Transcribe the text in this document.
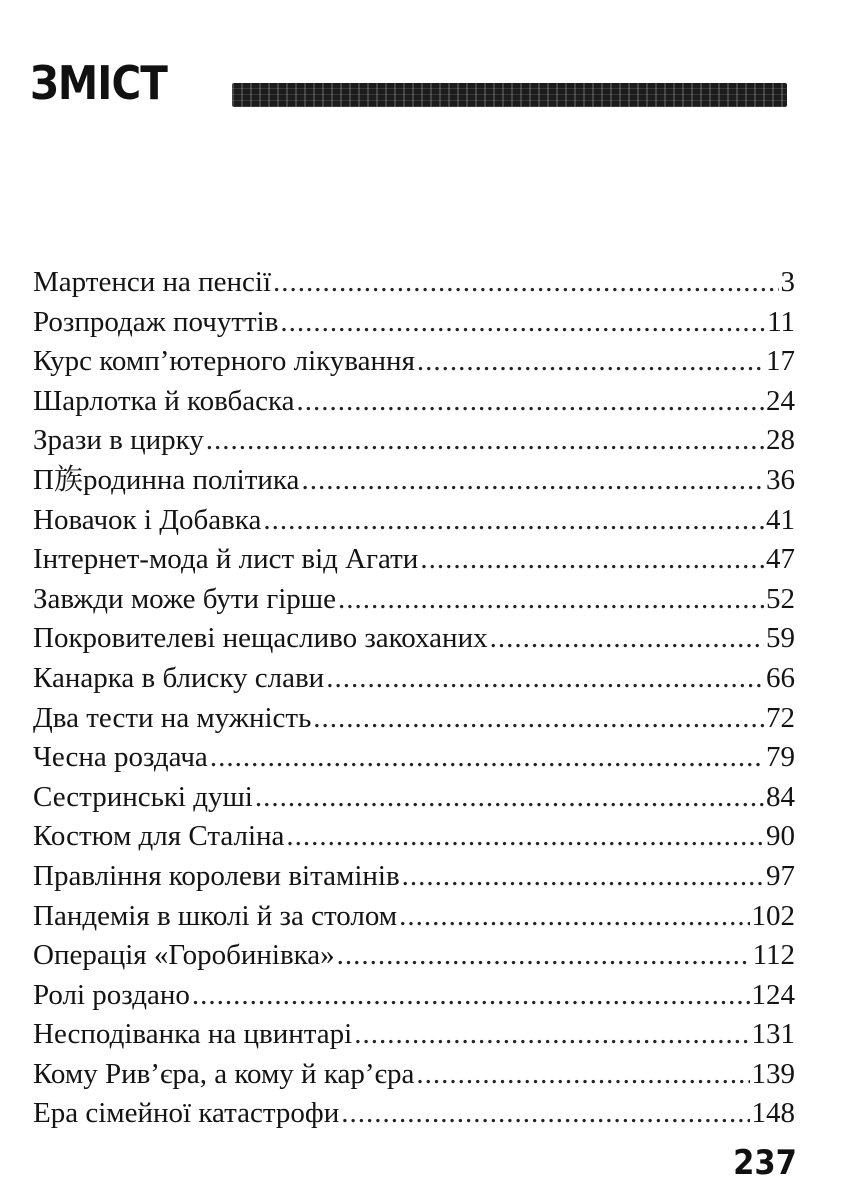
ЗМІСТ
Мартенси на пенсії .....	3
Розпродаж почуттів .....	11
Курс комп’ютерного лікування .....	17
Шарлотка й ковбаска .....	24
Зрази в цирку .....	28
П族родинна політика .....	36
Новачок і Добавка .....	41
Інтернет-мода й лист від Агати .....	47
Завжди може бути гірше .....	52
Покровителеві нещасливо закоханих .....	59
Канарка в блиску слави .....	66
Два тести на мужність .....	72
Чесна роздача .....	79
Сестринські душі .....	84
Костюм для Сталіна .....	90
Правління королеви вітамінів .....	97
Пандемія в школі й за столом .....	102
Операція «Горобинівка» .....	112
Ролі роздано .....	124
Несподіванка на цвинтарі .....	131
Кому Рив’єра, а кому й кар’єра .....	139
Ера сімейної катастрофи .....	148
237
